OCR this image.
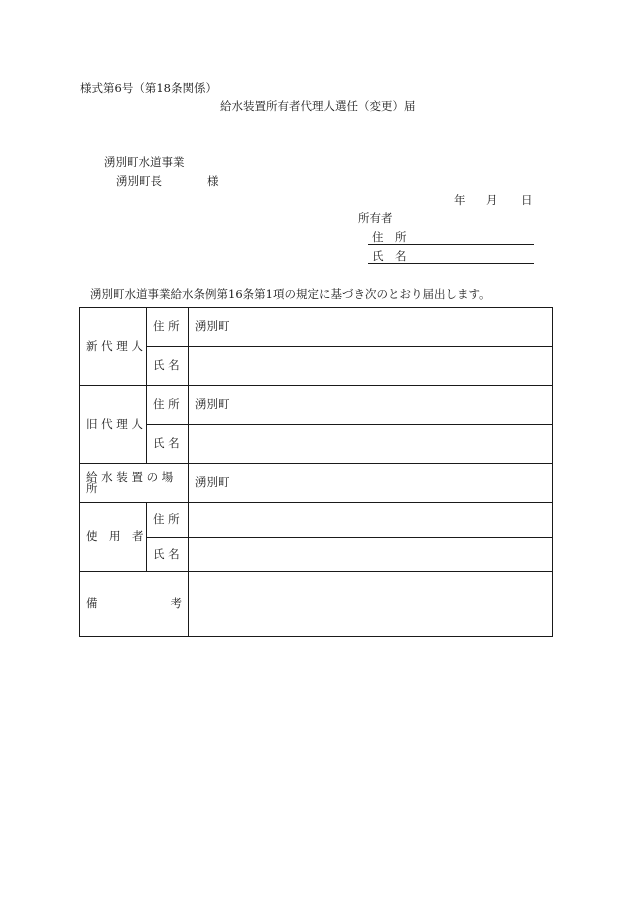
様式第6号（第18条関係）
給水装置所有者代理人選任（変更）届
湧別町水道事業
湧別町長	様
年 月 日
所有者
住　所
氏　名
湧別町水道事業給水条例第16条第1項の規定に基づき次のとおり届出します。
新 代 理 人	住 所	湧別町
	氏 名	
旧 代 理 人	住 所	湧別町
	氏 名	
給 水 装 置 の 場 所		湧別町
使　用　者	住 所	
	氏 名	

備 考		
